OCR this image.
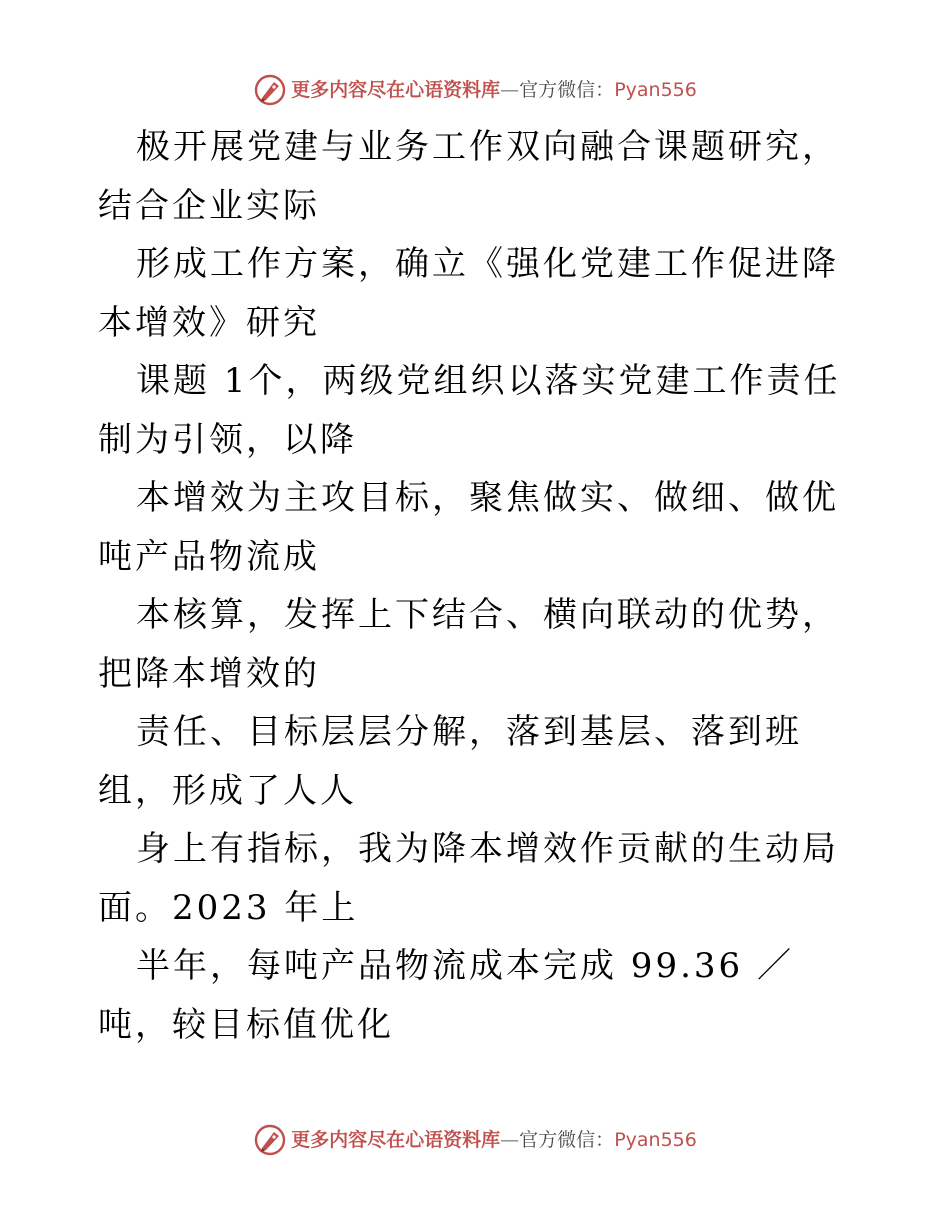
更多内容尽在心语资料库—官方微信：Pyan556

极开展党建与业务工作双向融合课题研究，结合企业实际

形成工作方案，确立《强化党建工作促进降本增效》研究

课题 1个，两级党组织以落实党建工作责任制为引领，以降

本增效为主攻目标，聚焦做实、做细、做优吨产品物流成

本核算，发挥上下结合、横向联动的优势，把降本增效的

责任、目标层层分解，落到基层、落到班组，形成了人人

身上有指标，我为降本增效作贡献的生动局面。2023 年上

半年，每吨产品物流成本完成 99.36 ／吨，较目标值优化

更多内容尽在心语资料库—官方微信：Pyan556
